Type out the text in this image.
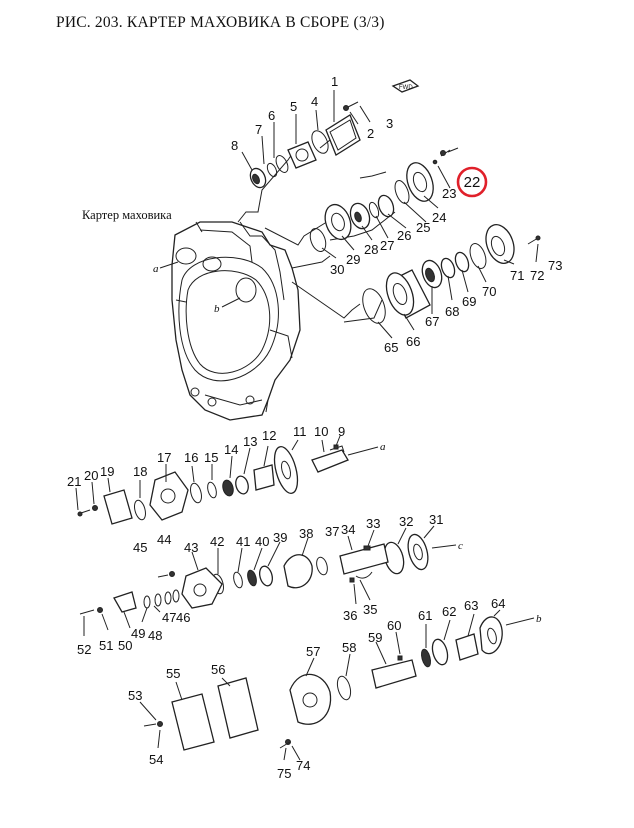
РИС. 203. КАРТЕР МАХОВИКА В СБОРЕ (3/3)
Картер маховика
a
b
FWD
a
c
b
1
2
3
4
5
6
7
8
9
10
11
12
13
14
15
16
17
18
19
20
21
22
23
24
25
26
27
28
29
30
31
32
33
34
35
36
37
38
39
40
41
42
43
44
45
46
47
48
49
50
51
52
53
54
55 56
57 58
59
60
61 62 63 64
65 66
67
68
69
70
71 72
73
74
75
